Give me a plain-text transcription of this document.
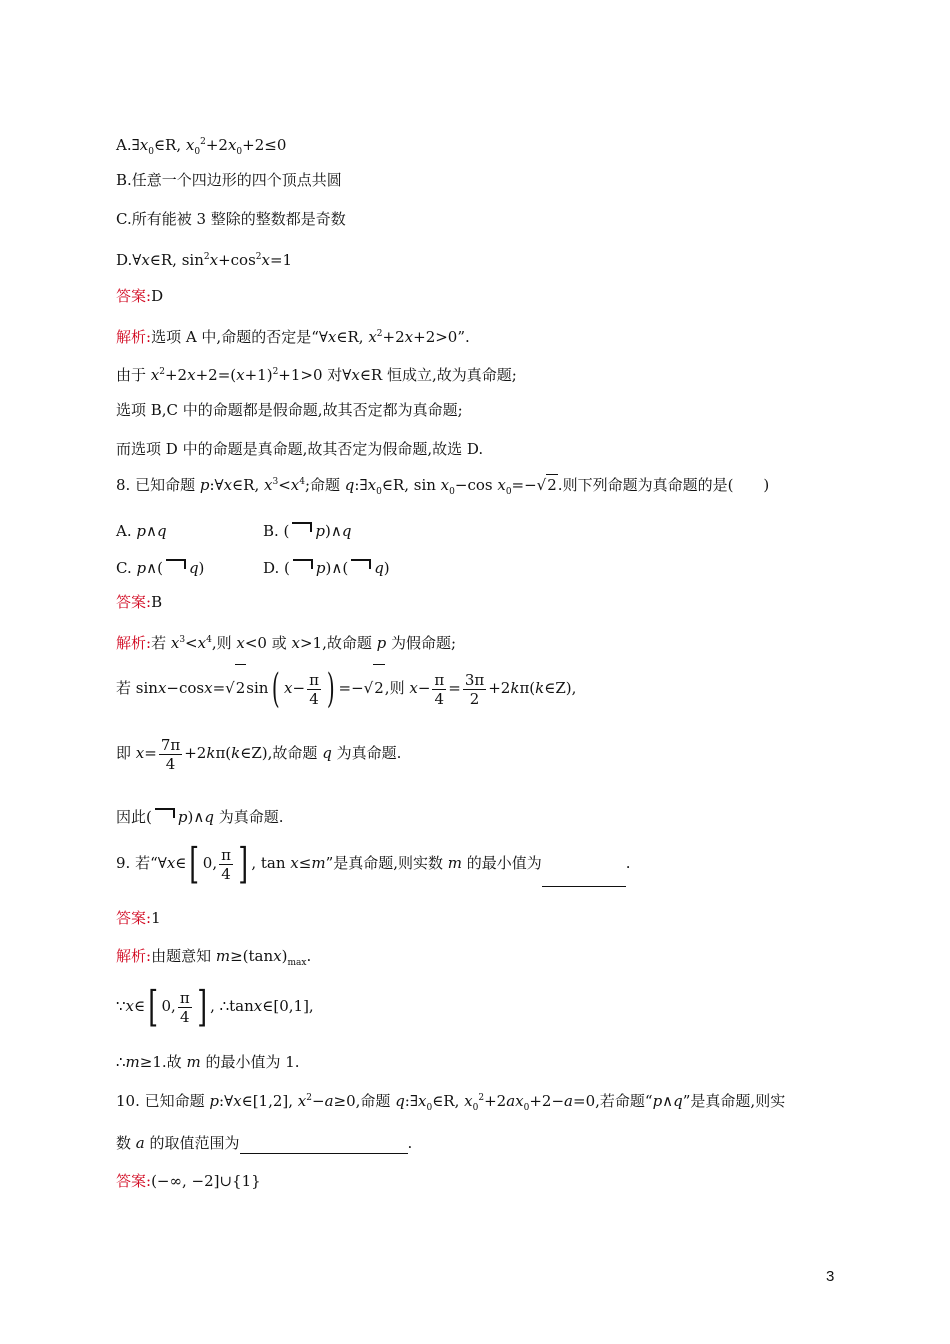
$A.\exists x_0\in R$, $x_0^2+2x_0+2\le 0$
B.任意一个四边形的四个顶点共圆
C.所有能被 3 整除的整数都是奇数
D.∀x∈R, $\sin^2x+\cos^2x=1$
答案:D
解析:选项 A 中,命题的否定是“∀x∈R, $x^2+2x+2>0$”.
由于 $x^2+2x+2=(x+1)^2+1>0$ 对∀x∈R 恒成立,故为真命题;
选项 B,C 中的命题都是假命题,故其否定都为真命题;
而选项 D 中的命题是真命题,故其否定为假命题,故选 D.
8. 已知命题 p:∀x∈R, $x^3<x^4$;命题 $q:\exists x_0\in R$, $\sin x_0-\cos$ $x_0=-√2$.则下列命题为真命题的是(　　)
A. p∧q	B. ( p)∧q
C. p∧( q)	D. ( p)∧( q)
答案:B
解析:若 $x^3<x^4$,则 x<0 或 x>1,故命题 p 为假命题;
若 sinx−cosx=√2sin( $x- \frac{\pi}{4}$ ) =−√2,则 $x- \frac{\pi}{4} = \frac{3\pi}{2}$ +2kπ(k∈Z),
即 $x= \frac{7\pi}{4}$ +2kπ(k∈Z),故命题 q 为真命题.
因此( p)∧q 为真命题.
9. 若“∀x∈[ 0, $\frac{\pi}{4}$ ] , tan x≤m”是真命题,则实数 m 的最小值为	.
答案:1
解析:由题意知 $m\ge(\tan x)_{max}$.
∵x∈[ 0, $\frac{\pi}{4}$ ] , ∴tanx∈[0,1],
∴m≥1.故 m 的最小值为 1.
10. 已知命题 p:∀x∈[1,2], $x^2-a\ge 0$,命题 $q:\exists x_0\in R$, $x_0^2+2ax_0+2-a=0$,若命题“p∧q”是真命题,则实
数 a 的取值范围为	.
答案:(−∞, −2]∪{1}
3
